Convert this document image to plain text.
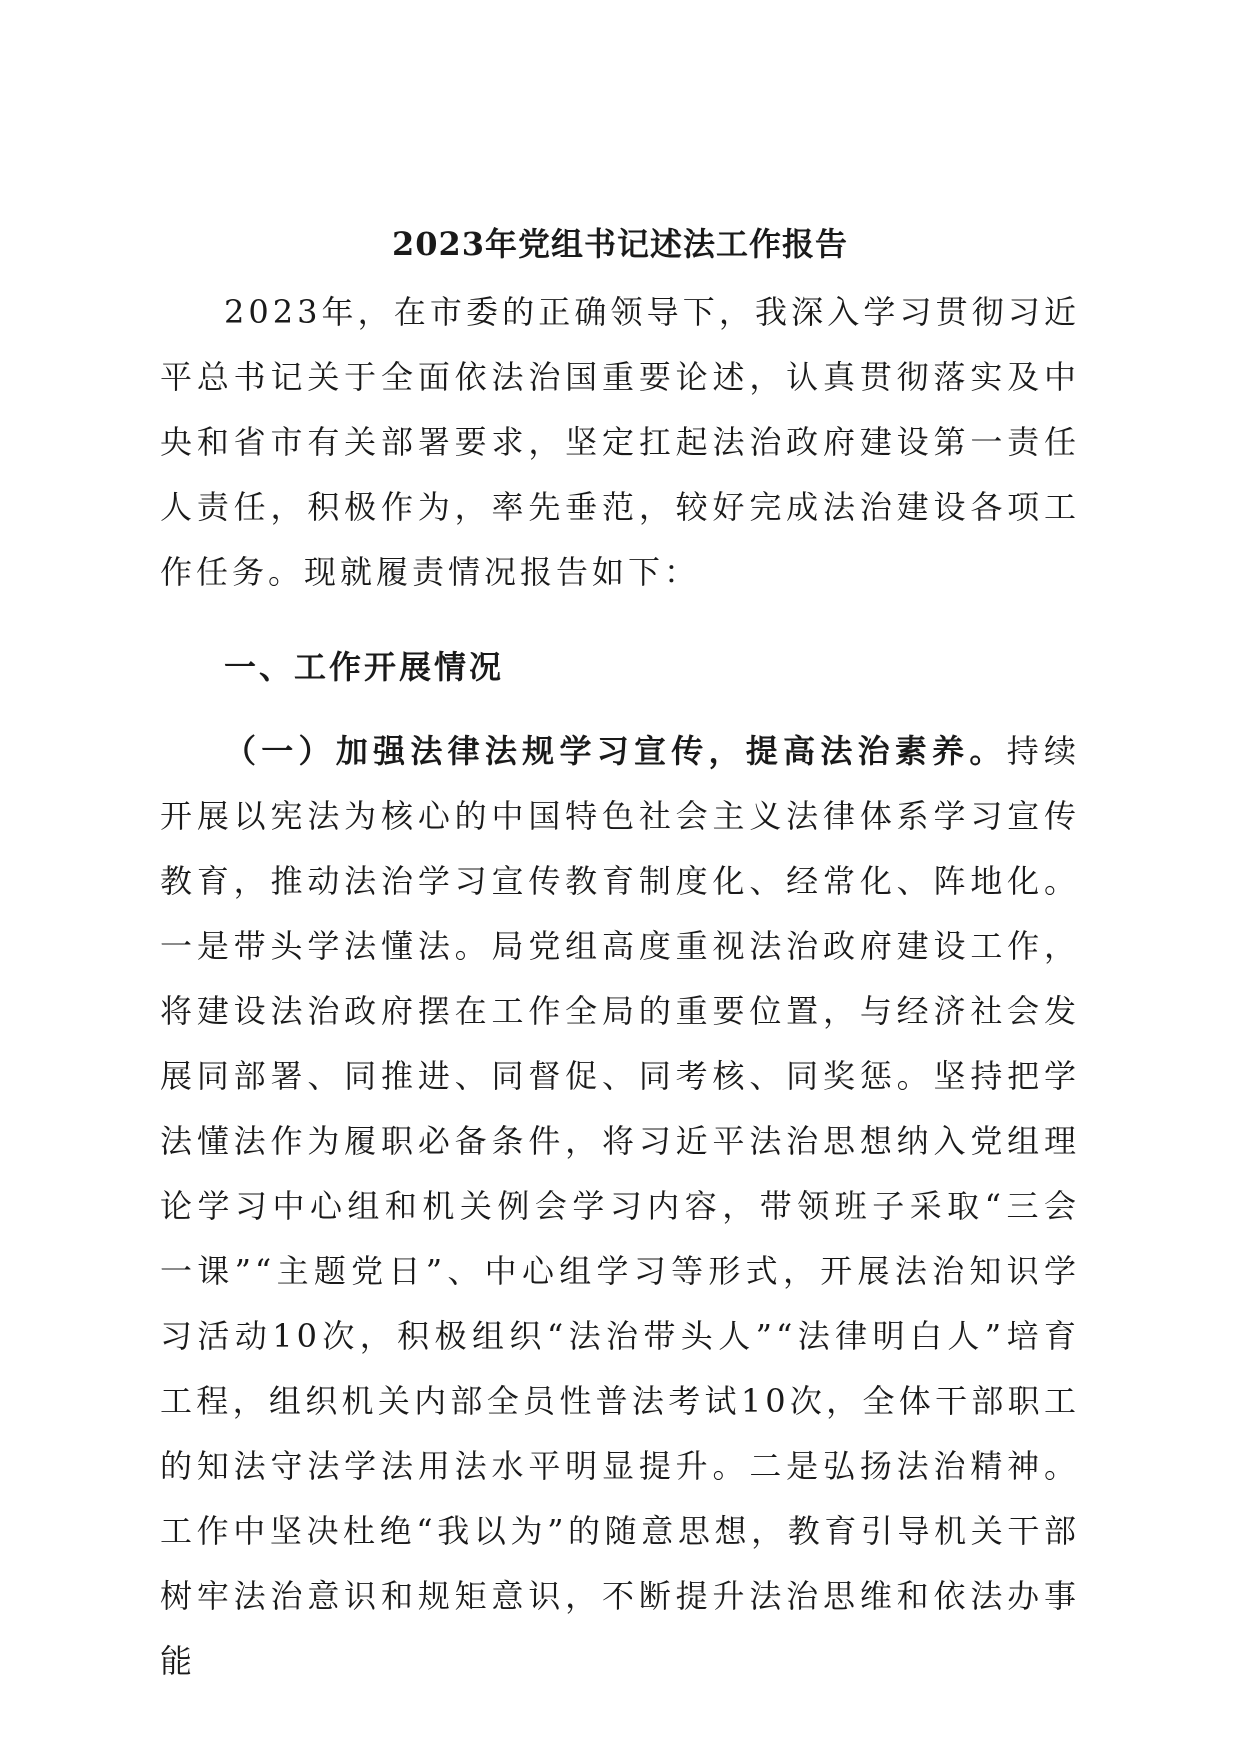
2023年党组书记述法工作报告

2023年，在市委的正确领导下，我深入学习贯彻习近平总书记关于全面依法治国重要论述，认真贯彻落实及中央和省市有关部署要求，坚定扛起法治政府建设第一责任人责任，积极作为，率先垂范，较好完成法治建设各项工作任务。现就履责情况报告如下：

一、工作开展情况

（一）加强法律法规学习宣传，提高法治素养。持续开展以宪法为核心的中国特色社会主义法律体系学习宣传教育，推动法治学习宣传教育制度化、经常化、阵地化。一是带头学法懂法。局党组高度重视法治政府建设工作，将建设法治政府摆在工作全局的重要位置，与经济社会发展同部署、同推进、同督促、同考核、同奖惩。坚持把学法懂法作为履职必备条件，将习近平法治思想纳入党组理论学习中心组和机关例会学习内容，带领班子采取“三会一课”“主题党日”、中心组学习等形式，开展法治知识学习活动10次，积极组织“法治带头人”“法律明白人”培育工程，组织机关内部全员性普法考试10次，全体干部职工的知法守法学法用法水平明显提升。二是弘扬法治精神。工作中坚决杜绝“我以为”的随意思想，教育引导机关干部树牢法治意识和规矩意识，不断提升法治思维和依法办事能
